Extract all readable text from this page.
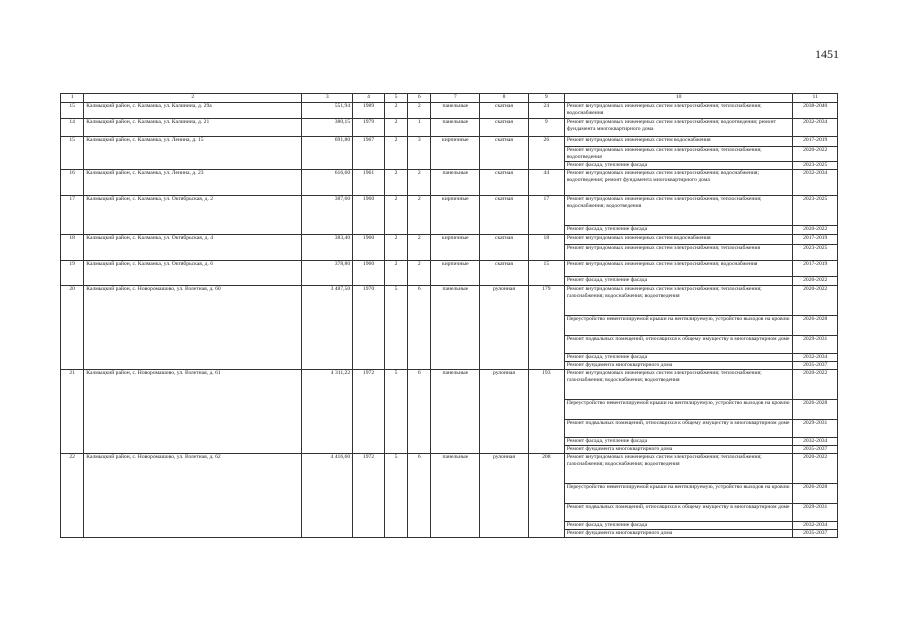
1451
1	2	3	4	5	6	7	8	9	10	11
15	Калмыцкий район, с. Калманка, ул. Калинина, д. 29а	551,94	1989	2	2	панельные	скатная	24	Ремонт внутридомовых инженерных систем электроснабжения; теплоснабжения; водоснабжения	2038-2040
14	Калмыцкий район, с. Калманка, ул. Калинина, д. 21	380,15	1979	2	1	панельные	скатная	9	Ремонт внутридомовых инженерных систем электроснабжения; водоотведения; ремонт фундамента многоквартирного дома	2032-2034
15	Калмыцкий район, с. Калманка, ул. Ленина, д. 15	691,80	1967	2	3	кирпичные	скатная	26	Ремонт внутридомовых инженерных систем водоснабжения	2017-2019
									Ремонт внутридомовых инженерных систем электроснабжения; теплоснабжения; водоотведения	2020-2022
									Ремонт фасада, утепление фасада	2023-2025
16	Калмыцкий район, с. Калманка, ул. Ленина, д. 23	616,60	1961	2	2	панельные	скатная	44	Ремонт внутридомовых инженерных систем электроснабжения; водоснабжения; водоотведения; ремонт фундамента многоквартирного дома	2032-2034
17	Калмыцкий район, с. Калманка, ул. Октябрьская, д. 2	387,60	1960	2	2	кирпичные	скатная	17	Ремонт внутридомовых инженерных систем электроснабжения, теплоснабжения; водоснабжения; водоотведения	2023-2025
									Ремонт фасада, утепление фасада	2020-2022
18	Калмыцкий район, с. Калманка, ул. Октябрьская, д. 4	383,40	1960	2	2	кирпичные	скатная	18	Ремонт внутридомовых инженерных систем водоснабжения	2017-2019
									Ремонт внутридомовых инженерных систем электроснабжения; теплоснабжения	2023-2025
19	Калмыцкий район, с. Калманка, ул. Октябрьская, д. 6	378,80	1960	2	2	кирпичные	скатная	15	Ремонт внутридомовых инженерных систем электроснабжения; водоснабжения	2017-2019
									Ремонт фасада, утепление фасада	2020-2022
20	Калмыцкий район, с. Новоромашово, ул. Взлетная, д. 60	3 487,50	1970	5	6	панельные	рулонная	179	Ремонт внутридомовых инженерных систем электроснабжения; теплоснабжения; газоснабжения; водоснабжения; водоотведения	2020-2022
									Переустройство невентилируемой крыши на вентилируемую, устройство выходов на кровлю	2026-2028
									Ремонт подвальных помещений, относящихся к общему имуществу в многоквартирном доме	2029-2031
									Ремонт фасада, утепление фасада	2032-2034
									Ремонт фундамента многоквартирного дома	2035-2037
21	Калмыцкий район, с. Новоромашово, ул. Взлетная, д. 61	4 311,22	1972	5	6	панельные	рулонная	193	Ремонт внутридомовых инженерных систем электроснабжения; теплоснабжения; газоснабжения; водоснабжения; водоотведения	2020-2022
									Переустройство невентилируемой крыши на вентилируемую, устройство выходов на кровлю	2026-2028
									Ремонт подвальных помещений, относящихся к общему имуществу в многоквартирном доме	2029-2031
									Ремонт фасада, утепление фасада	2032-2034
									Ремонт фундамента многоквартирного дома	2035-2037
22	Калмыцкий район, с. Новоромашово, ул. Взлетная, д. 62	4 416,60	1972	5	6	панельные	рулонная	208	Ремонт внутридомовых инженерных систем электроснабжения; теплоснабжения; газоснабжения; водоснабжения; водоотведения	2020-2022
									Переустройство невентилируемой крыши на вентилируемую, устройство выходов на кровлю	2026-2028
									Ремонт подвальных помещений, относящихся к общему имуществу в многоквартирном доме	2029-2031
									Ремонт фасада, утепление фасада	2032-2034
									Ремонт фундамента многоквартирного дома	2035-2037
